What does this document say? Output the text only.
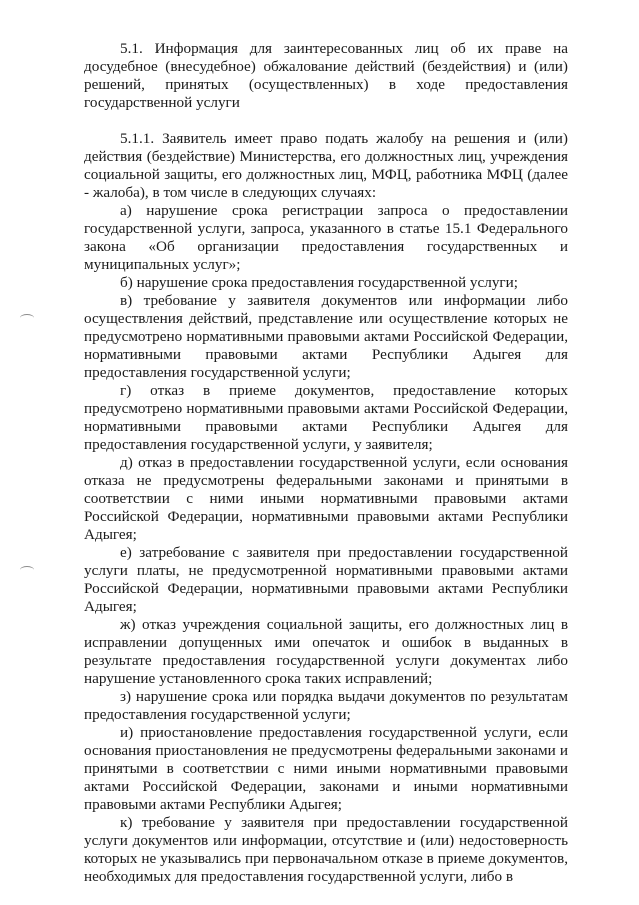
5.1. Информация для заинтересованных лиц об их праве на досудебное (внесудебное) обжалование действий (бездействия) и (или) решений, принятых (осуществленных) в ходе предоставления государственной услуги

5.1.1. Заявитель имеет право подать жалобу на решения и (или) действия (бездействие) Министерства, его должностных лиц, учреждения социальной защиты, его должностных лиц, МФЦ, работника МФЦ (далее - жалоба), в том числе в следующих случаях:

а) нарушение срока регистрации запроса о предоставлении государственной услуги, запроса, указанного в статье 15.1 Федерального закона «Об организации предоставления государственных и муниципальных услуг»;

б) нарушение срока предоставления государственной услуги;

в) требование у заявителя документов или информации либо осуществления действий, представление или осуществление которых не предусмотрено нормативными правовыми актами Российской Федерации, нормативными правовыми актами Республики Адыгея для предоставления государственной услуги;

г) отказ в приеме документов, предоставление которых предусмотрено нормативными правовыми актами Российской Федерации, нормативными правовыми актами Республики Адыгея для предоставления государственной услуги, у заявителя;

д) отказ в предоставлении государственной услуги, если основания отказа не предусмотрены федеральными законами и принятыми в соответствии с ними иными нормативными правовыми актами Российской Федерации, нормативными правовыми актами Республики Адыгея;

е) затребование с заявителя при предоставлении государственной услуги платы, не предусмотренной нормативными правовыми актами Российской Федерации, нормативными правовыми актами Республики Адыгея;

ж) отказ учреждения социальной защиты, его должностных лиц в исправлении допущенных ими опечаток и ошибок в выданных в результате предоставления государственной услуги документах либо нарушение установленного срока таких исправлений;

з) нарушение срока или порядка выдачи документов по результатам предоставления государственной услуги;

и) приостановление предоставления государственной услуги, если основания приостановления не предусмотрены федеральными законами и принятыми в соответствии с ними иными нормативными правовыми актами Российской Федерации, законами и иными нормативными правовыми актами Республики Адыгея;

к) требование у заявителя при предоставлении государственной услуги документов или информации, отсутствие и (или) недостоверность которых не указывались при первоначальном отказе в приеме документов, необходимых для предоставления государственной услуги, либо в
